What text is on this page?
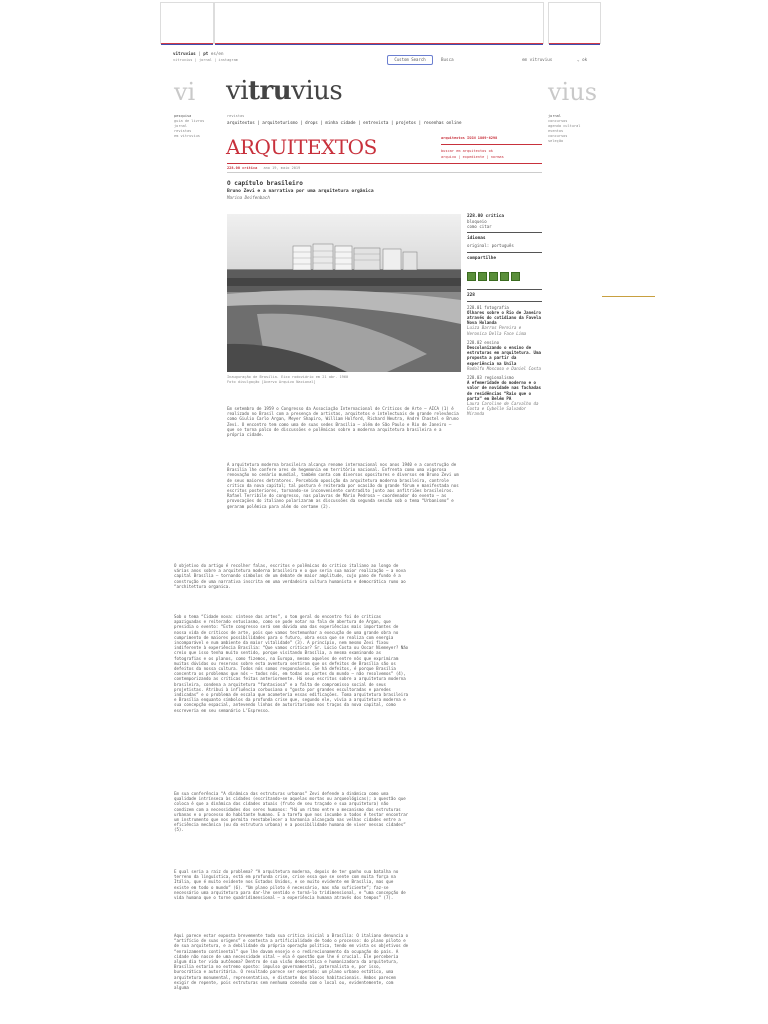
vitruvius | pt es/en
vitruvius | jornal | instagram	Custom Search	Busca	em vitruvius	⌄ ok
vi vitruvius	vius
pesquisa
guia de livros
jornal
revistas
em vitruvius
jornal
concursos
agenda cultural
eventos
concursos
seleção
revistas
arquitextos | arquiteturismo | drops | minha cidade | entrevista | projetos | resenhas online
ARQUITEXTOS	arquitextos ISSN 1809-6298
buscar em arquitextos ok
arquivo | expediente | normas
228.00 crítica ano 19, maio 2019
O capítulo brasileiro
Bruno Zevi e a narrativa por uma arquitetura orgânica
Marina Deifenbach
Inauguração de Brasília. Eixo rodoviário em 21 abr. 1960
Foto divulgação [Acervo Arquivo Nacional]
228.00 crítica
bloqueio
como citar
idiomas
original: português
compartilhe
228
228.01 fotografia
Olhares sobre o Rio de Janeiro através do cotidiano da Favela Nova Holanda
Luiza Barros Pereira e Veronica Della Face Lima
228.02 ensino
Descolonizando o ensino de estruturas em arquitetura. Uma proposta a partir da experiência na Unila
Rodolfo Moscoso e Daniel Costa
228.03 regionalismo
A efemeridade do moderno e o valor de novidade nas fachadas de residências “Raio que o parta” em Belém PA
Laura Caroline de Carvalho da Costa e Cybelle Salvador Miranda
Em setembro de 1959 o Congresso da Associação Internacional de Críticos de Arte – AICA (1) é realizado no Brasil com a presença de artistas, arquitetos e intelectuais de grande relevância como Giulio Carlo Argan, Meyer Shapiro, William Holford, Richard Neutra, André Chastel e Bruno Zevi. O encontro tem como uma de suas sedes Brasília – além de São Paulo e Rio de Janeiro – que se torna palco de discussões e polêmicas sobre a moderna arquitetura brasileira e a própria cidade.
A arquitetura moderna brasileira alcança renome internacional nos anos 1940 e a construção de Brasília lhe confere ares de hegemonia em território nacional. Enfrenta como uma vigorosa renovação no cenário mundial, também conta com diversos opositores e diversos em Bruno Zevi um de seus maiores detratores. Percebido oposição da arquitetura moderna brasileira, controle crítico da nova capital; tal postura é reiterada por ocasião do grande fórum e manifestada nos escritos posteriores, tornando-se inconveniente contradito junto aos anfitriões brasileiros. Rafael Terribile do congresso, nas palavras de Mário Pedrosa – coordenador do evento – as provocações do italiano polarizaram as discussões da segunda sessão sob o tema “Urbanismo” e geraram polêmica para além do certame (2).
O objetivo do artigo é recolher falas, escritos e polêmicas do crítico italiano ao longo de várias anos sobre a arquitetura moderna brasileira e o que seria sua maior realização – a nova capital Brasília – tornando símbolos de um debate de maior amplitude, cujo pano de fundo é a construção de uma narrativa inscrita em uma verdadeira cultura humanista e democrática rumo ao “architettura organica.
Sob o tema “Cidade nova: síntese das artes”, o tom geral do encontro foi de críticas apaziguadas e reiterado entusiasmo, como se pode notar na fala de abertura de Argan, que presidia o evento: “Este congresso será sem dúvida uma das experiências mais importantes de nossa vida de críticos de arte, pois que vamos testemunhar a execução de uma grande obra no cumprimento de maiores possibilidades para o futuro, obra essa que se realiza com energia incomparável e num ambiente da maior vitalidade” (3). A princípio, nem mesmo Zevi fixou indiferente à experiência Brasília: “Que vamos criticar? Sr. Lúcio Costa ou Oscar Niemeyer? Não creio que isso tenha muito sentido, porque visitando Brasília, a mesma examinando as fotografias e os planos, como fizemos, na Europa, mesmo aqueles de entre nós que exprimiram muitas dúvidas ou reservas sobre esta aventura sentiram que os defeitos de Brasília são os defeitos da nossa cultura. Todos nós somos responsáveis. Se há defeitos, é porque Brasília concentra os problemas que nós – todos nós, em todas as partes do mundo – não resolvemos” (4), contemporizando as críticas feitas anteriormente. Há seus escritos sobre a arquitetura moderna brasileira, condena a arquitetura “fantasiosa” e a falta de compromisso social de seus projetistas. Atribuí à influência corbusiana o “gosto por grandes escultoradas e paredes indicadas” e o problema de escala que acometeria essas edificações. Toma arquitetura brasileira e Brasília enquanto símbolos da profunda crise que, segundo ele, vivia a arquitetura moderna e sua concepção espacial, antevendo linhas de autoritarismo nos traços da nova capital, como escreveria em seu semanário L’Espresso.
Em sua conferência “A dinâmica das estruturas urbanas” Zevi defende a dinâmica como uma qualidade intrínseca às cidades (escritando-se aquelas mortas ou arqueológicas); a questão que coloca é que a dinâmica das cidades atuais (fruto de seu traçado e sua arquitetura) não condizem com a necessidades dos seres humanos: “Há um ritmo entre o mecanismo das estruturas urbanas e o processo do habitante humano. E a tarefa que nos incumbe a todos é testar encontrar um instrumento que nos permita reestabelecer a harmonia alcançada nas velhas cidades entre a eficiência mecânica (ou da estrutura urbana) e a possibilidade humana de viver nessas cidades” (5).
E qual seria a raiz do problema? “A arquitetura moderna, depois de ter ganho sua batalha no terreno da linguística, está em profunda crise, crise essa que se sente com muita força na Itália, que é muito evidente nos Estados Unidos, e se muito evidente em Brasília, mas que existe em todo o mundo” (6). “Um plano piloto é necessário, mas não suficiente”; faz-se necessário uma arquitetura para dar-lhe sentido e torná-lo tridimensional, e “uma concepção de vida humana que o torne quadridimensional – a experiência humana através dos tempos” (7).
Aqui parece estar exposta brevemente toda sua crítica inicial a Brasília: O italiano denuncia o “artifício de suas origens” e contesta a artificialidade de todo o processo: do plano piloto e de sua arquitetura, e a debilidade da própria operação política, tendo em vista os objetivos de “enraizamento continental” que lhe davam ensejo e o redirecionamento da ocupação do país. A cidade não nasce de uma necessidade vital – ela é questão que lhe é crucial. Ele perceberia algum dia ter vida autônoma? Dentro de sua visão democrática e humanizadora da arquitetura, Brasília estaria no extremo oposto: impulso governamental, paternalista e, por isso, burocrática e autoritária. O resultado parece ser esperado: um plano urbano estático, uma arquitetura monumental, representativa, e distante dos blocos habitacionais. Ambos parecem exigir de repente, pois estruturas sem nenhuma conexão com o local ou, evidentemente, com alguma
